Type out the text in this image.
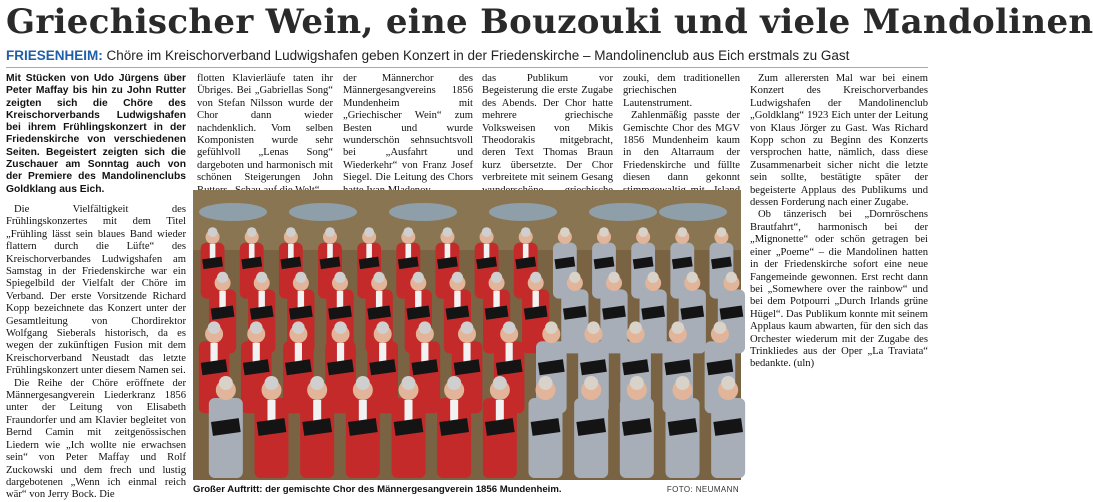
Griechischer Wein, eine Bouzouki und viele Mandolinen
FRIESENHEIM: Chöre im Kreischorverband Ludwigshafen geben Konzert in der Friedenskirche – Mandolinenclub aus Eich erstmals zu Gast

Mit Stücken von Udo Jürgens über Peter Maffay bis hin zu John Rutter zeigten sich die Chöre des Kreischorverbands Ludwigshafen bei ihrem Frühlingskonzert in der Friedenskirche von verschiedenen Seiten. Begeistert zeigten sich die Zuschauer am Sonntag auch von der Premiere des Mandolinenclubs Goldklang aus Eich.

Die Vielfältigkeit des Frühlingskonzertes mit dem Titel „Frühling lässt sein blaues Band wieder flattern durch die Lüfte“ des Kreischorverbandes Ludwigshafen am Samstag in der Friedenskirche war ein Spiegelbild der Vielfalt der Chöre im Verband. Der erste Vorsitzende Richard Kopp bezeichnete das Konzert unter der Gesamtleitung von Chordirektor Wolfgang Sieberals historisch, da es wegen der zukünftigen Fusion mit dem Kreischorverband Neustadt das letzte Frühlingskonzert unter diesem Namen sei.

Die Reihe der Chöre eröffnete der Männergesangverein Liederkranz 1856 unter der Leitung von Elisabeth Fraundorfer und am Klavier begleitet von Bernd Camin mit zeitgenössischen Liedern wie „Ich wollte nie erwachsen sein“ von Peter Maffay und Rolf Zuckowski und dem frech und lustig dargebotenen „Wenn ich einmal reich wär“ von Jerry Bock. Die

flotten Klavierläufe taten ihr Übriges. Bei „Gabriellas Song“ von Stefan Nilsson wurde der Chor dann wieder nachdenklich. Vom selben Komponisten wurde sehr gefühlvoll „Lenas Song“ dargeboten und harmonisch mit schönen Steigerungen John

der Männerchor des Männergesangvereins 1856 Mundenheim mit „Griechischer Wein“ zum Besten und wurde wunderschön sehnsuchtsvoll bei „Ausfahrt und Wiederkehr“ von Franz Josef Siegel. Die Leitung des Chors

das Publikum vor Begeisterung die erste Zugabe des Abends. Der Chor hatte mehrere griechische Volksweisen von Mikis Theodorakis mitgebracht, deren Text Thomas Braun kurz übersetzte. Der Chor verbreitete mit seinem Gesang

zouki, dem traditionellen griechischen Lautenstrument.

Zahlenmäßig passte der Gemischte Chor des MGV 1856 Mundenheim kaum in den Altarraum der Friedenskirche und füllte diesen dann gekonnt

Zum allerersten Mal war bei einem Konzert des Kreischorverbandes Ludwigshafen der Mandolinenclub „Goldklang“ 1923 Eich unter der Leitung von Klaus Jörger zu Gast. Was Richard Kopp schon zu Beginn des Konzerts versprochen hatte, nämlich, dass diese Zusammenarbeit sicher nicht die letzte sein sollte, bestätigte später der begeisterte Applaus des Publikums und dessen Forderung nach einer Zugabe.

Ob tänzerisch bei „Dornröschens Brautfahrt“, harmonisch bei der „Mignonette“ oder schön getragen bei einer „Poeme“ – die Mandolinen hatten in der Friedenskirche sofort eine neue Fangemeinde gewonnen. Erst recht dann bei „Somewhere over the rainbow“ und bei dem Potpourri „Durch Irlands grüne Hügel“. Das Publikum konnte mit seinem Applaus kaum abwarten, für den sich das Orchester wiederum mit der Zugabe des Trinkliedes aus der Oper „La Traviata“ bedankte. (uln)

Großer Auftritt: der gemischte Chor des Männergesangverein 1856 Mundenheim.	FOTO: NEUMANN
